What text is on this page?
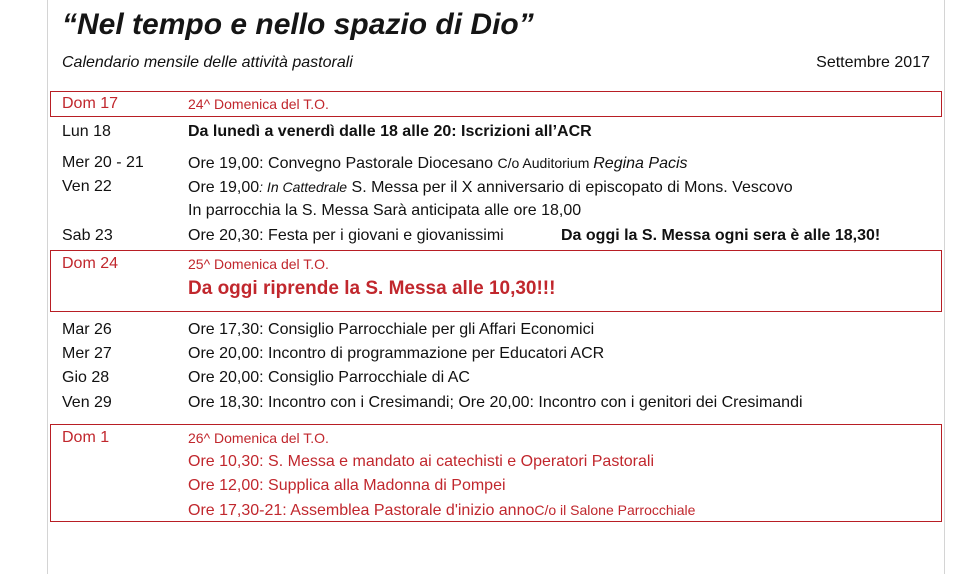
“Nel tempo e nello spazio di Dio”
Calendario mensile delle attività pastorali	Settembre 2017
Dom 17	24^ Domenica del T.O.
Lun 18	Da lunedì a venerdì dalle 18 alle 20: Iscrizioni all’ACR
Mer 20 - 21	Ore 19,00: Convegno Pastorale Diocesano C/o Auditorium Regina Pacis
Ven 22	Ore 19,00: In Cattedrale S. Messa per il X anniversario di episcopato di Mons. Vescovo
In parrocchia la S. Messa Sarà anticipata alle ore 18,00
Sab 23	Ore 20,30: Festa per i giovani e giovanissimi	Da oggi la S. Messa ogni sera è alle 18,30!
Dom 24	25^ Domenica del T.O.
Da oggi riprende la S. Messa alle 10,30!!!
Mar 26	Ore 17,30: Consiglio Parrocchiale per gli Affari Economici
Mer 27	Ore 20,00: Incontro di programmazione per Educatori ACR
Gio 28	Ore 20,00: Consiglio Parrocchiale di AC
Ven 29	Ore 18,30: Incontro con i Cresimandi; Ore 20,00: Incontro con i genitori dei Cresimandi
Dom 1	26^ Domenica del T.O.
Ore 10,30: S. Messa e mandato ai catechisti e Operatori Pastorali
Ore 12,00: Supplica alla Madonna di Pompei
Ore 17,30-21: Assemblea Pastorale d'inizio annoC/o il Salone Parrocchiale
